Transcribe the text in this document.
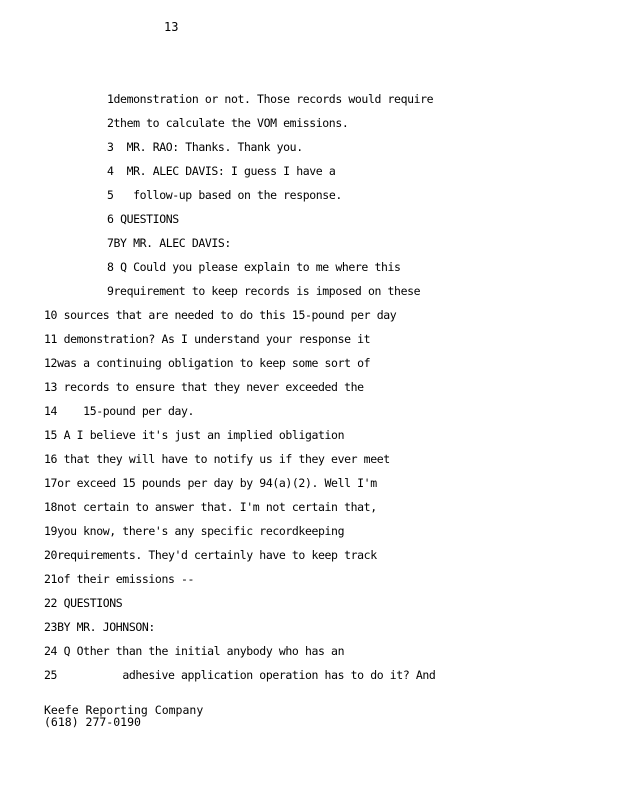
13
1demonstration or not. Those records would require
2them to calculate the VOM emissions.
3 MR. RAO: Thanks. Thank you.
4 MR. ALEC DAVIS: I guess I have a
5 follow-up based on the response.
6 QUESTIONS
7BY MR. ALEC DAVIS:
8 Q Could you please explain to me where this
9requirement to keep records is imposed on these
10 sources that are needed to do this 15-pound per day
11 demonstration? As I understand your response it
12was a continuing obligation to keep some sort of
13 records to ensure that they never exceeded the
14 15-pound per day.
15 A I believe it's just an implied obligation
16 that they will have to notify us if they ever meet
17or exceed 15 pounds per day by 94(a)(2). Well I'm
18not certain to answer that. I'm not certain that,
19you know, there's any specific recordkeeping
20requirements. They'd certainly have to keep track
21of their emissions --
22 QUESTIONS
23BY MR. JOHNSON:
24 Q Other than the initial anybody who has an
25	adhesive application operation has to do it? And
Keefe Reporting Company
(618) 277-0190
